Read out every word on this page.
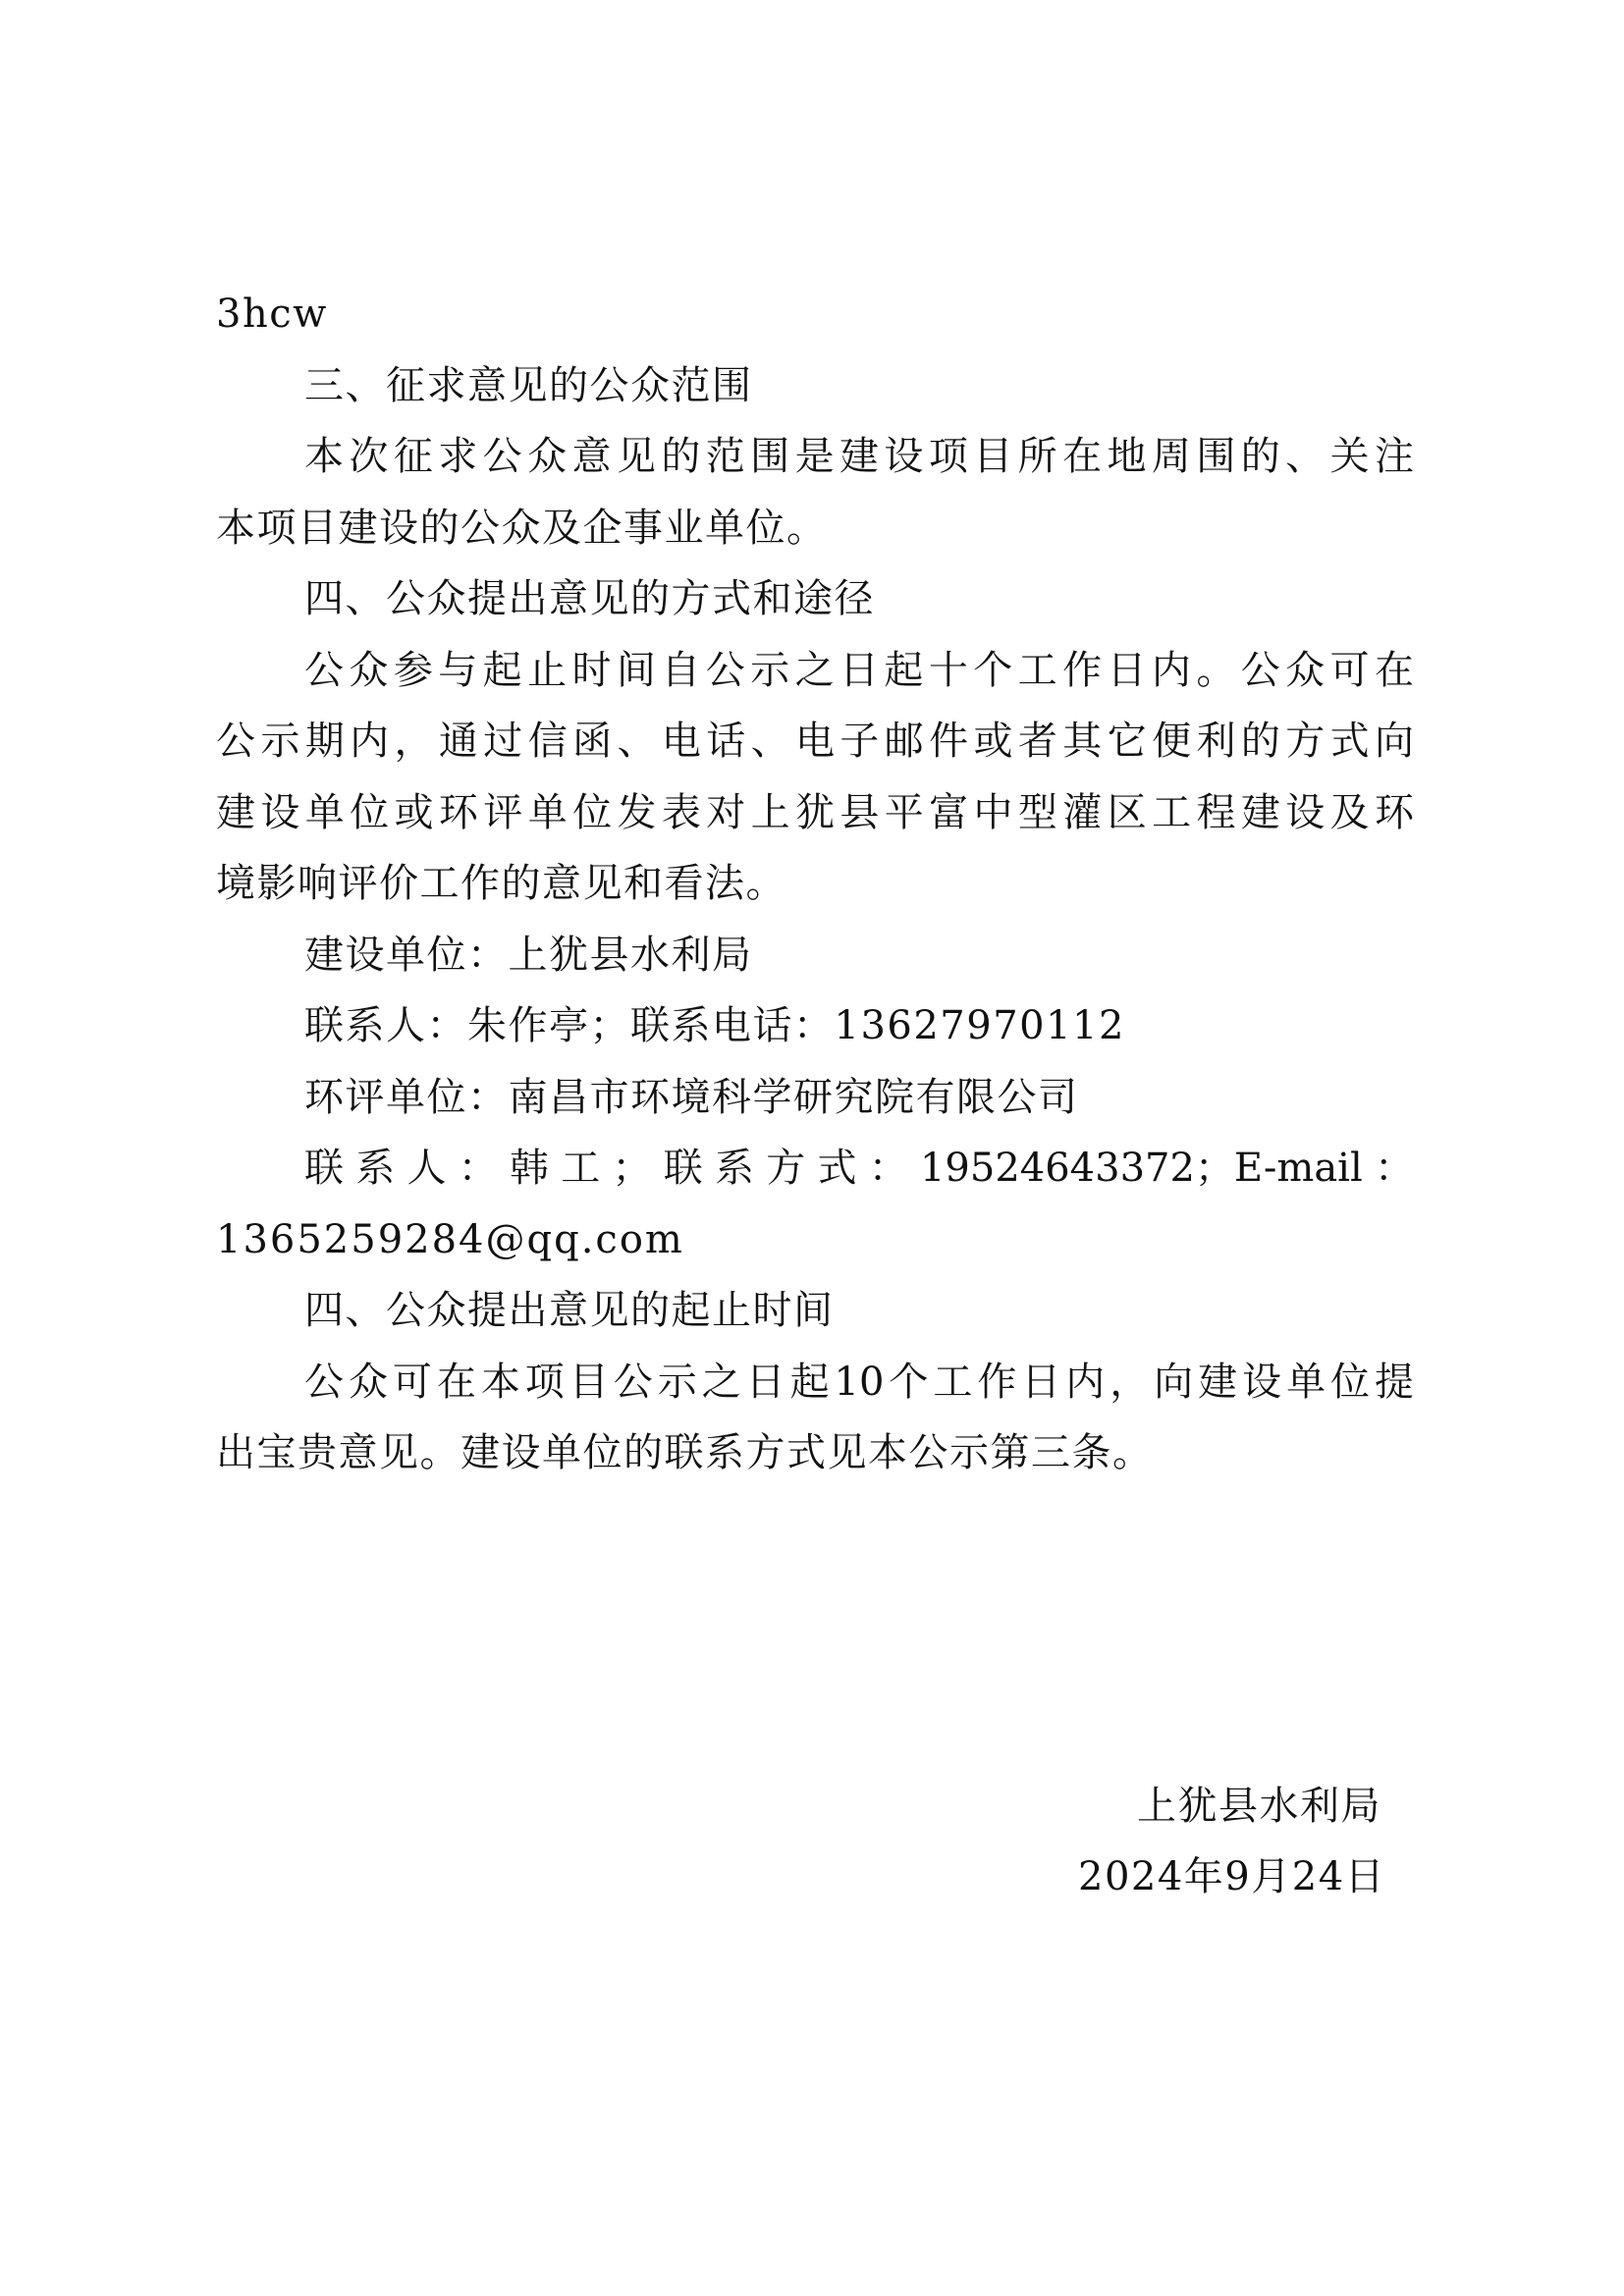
3hcw
三、征求意见的公众范围
本次征求公众意见的范围是建设项目所在地周围的、关注
本项目建设的公众及企事业单位。
四、公众提出意见的方式和途径
公众参与起止时间自公示之日起十个工作日内。公众可在
公示期内，通过信函、电话、电子邮件或者其它便利的方式向
建设单位或环评单位发表对上犹县平富中型灌区工程建设及环
境影响评价工作的意见和看法。
建设单位：上犹县水利局
联系人：朱作亭；联系电话：13627970112
环评单位：南昌市环境科学研究院有限公司
联系人：韩工；联系方式：19524643372；E-mail：
1365259284@qq.com
四、公众提出意见的起止时间
公众可在本项目公示之日起10个工作日内，向建设单位提
出宝贵意见。建设单位的联系方式见本公示第三条。
上犹县水利局
2024年9月24日
